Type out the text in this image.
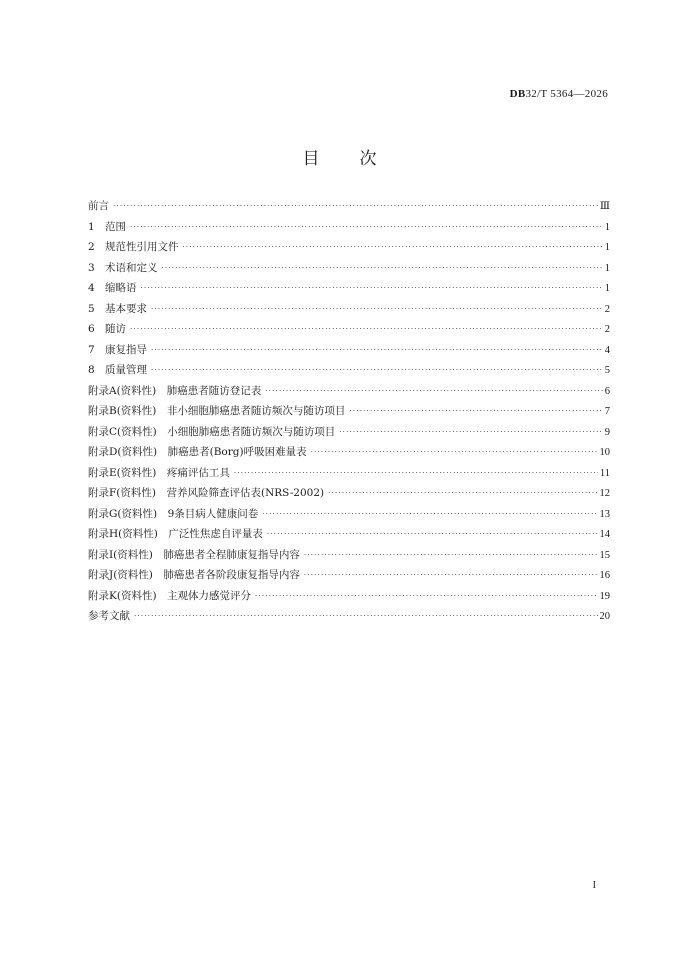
DB32/T 5364—2026
目 次
前言 ·····	Ⅲ
1 范围 ·····	1
2 规范性引用文件 ·····	1
3 术语和定义 ·····	1
4 缩略语 ·····	1
5 基本要求 ·····	2
6 随访 ·····	2
7 康复指导 ·····	4
8 质量管理 ·····	5
附录A(资料性)　肺癌患者随访登记表 ·····	6
附录B(资料性)　非小细胞肺癌患者随访频次与随访项目 ·····	7
附录C(资料性)　小细胞肺癌患者随访频次与随访项目 ·····	9
附录D(资料性)　肺癌患者(Borg)呼吸困难量表 ·····	10
附录E(资料性)　疼痛评估工具 ·····	11
附录F(资料性)　营养风险筛查评估表(NRS-2002) ·····	12
附录G(资料性)　9条目病人健康问卷 ·····	13
附录H(资料性)　广泛性焦虑自评量表 ·····	14
附录I(资料性)　肺癌患者全程肺康复指导内容 ·····	15
附录J(资料性)　肺癌患者各阶段康复指导内容 ·····	16
附录K(资料性)　主观体力感觉评分 ·····	19
参考文献 ·····	20
I
